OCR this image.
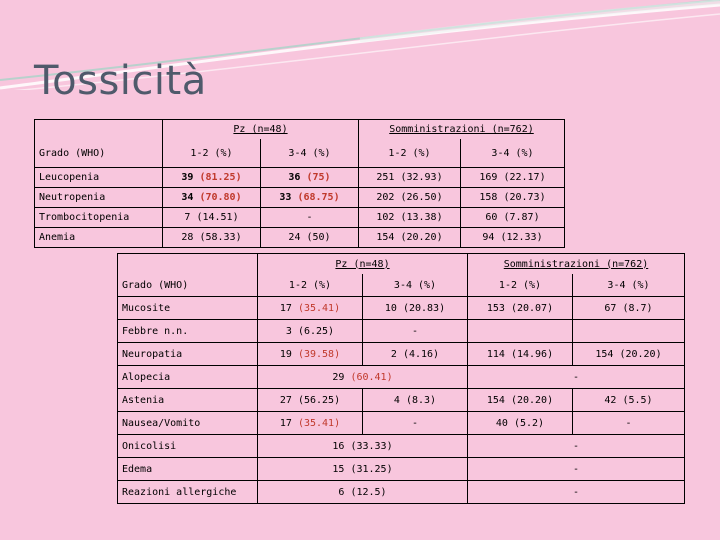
Tossicità
	Pz (n=48)		Somministrazioni (n=762)	
Grado (WHO)	1-2 (%)	3-4 (%)	1-2 (%)	3-4 (%)
Leucopenia	39 (81.25)	36 (75)	251 (32.93)	169 (22.17)
Neutropenia	34 (70.80)	33 (68.75)	202 (26.50)	158 (20.73)
Trombocitopenia	7 (14.51)	-	102 (13.38)	60 (7.87)
Anemia	28 (58.33)	24 (50)	154 (20.20)	94 (12.33)
	Pz (n=48)		Somministrazioni (n=762)	
Grado (WHO)	1-2 (%)	3-4 (%)	1-2 (%)	3-4 (%)
Mucosite	17 (35.41)	10 (20.83)	153 (20.07)	67 (8.7)
Febbre n.n.	3 (6.25)	-		
Neuropatia	19 (39.58)	2 (4.16)	114 (14.96)	154 (20.20)
Alopecia	29 (60.41)		-	
Astenia	27 (56.25)	4 (8.3)	154 (20.20)	42 (5.5)
Nausea/Vomito	17 (35.41)	-	40 (5.2)	-
Onicolisi	16 (33.33)		-	
Edema	15 (31.25)		-	
Reazioni allergiche	6 (12.5)		-	
